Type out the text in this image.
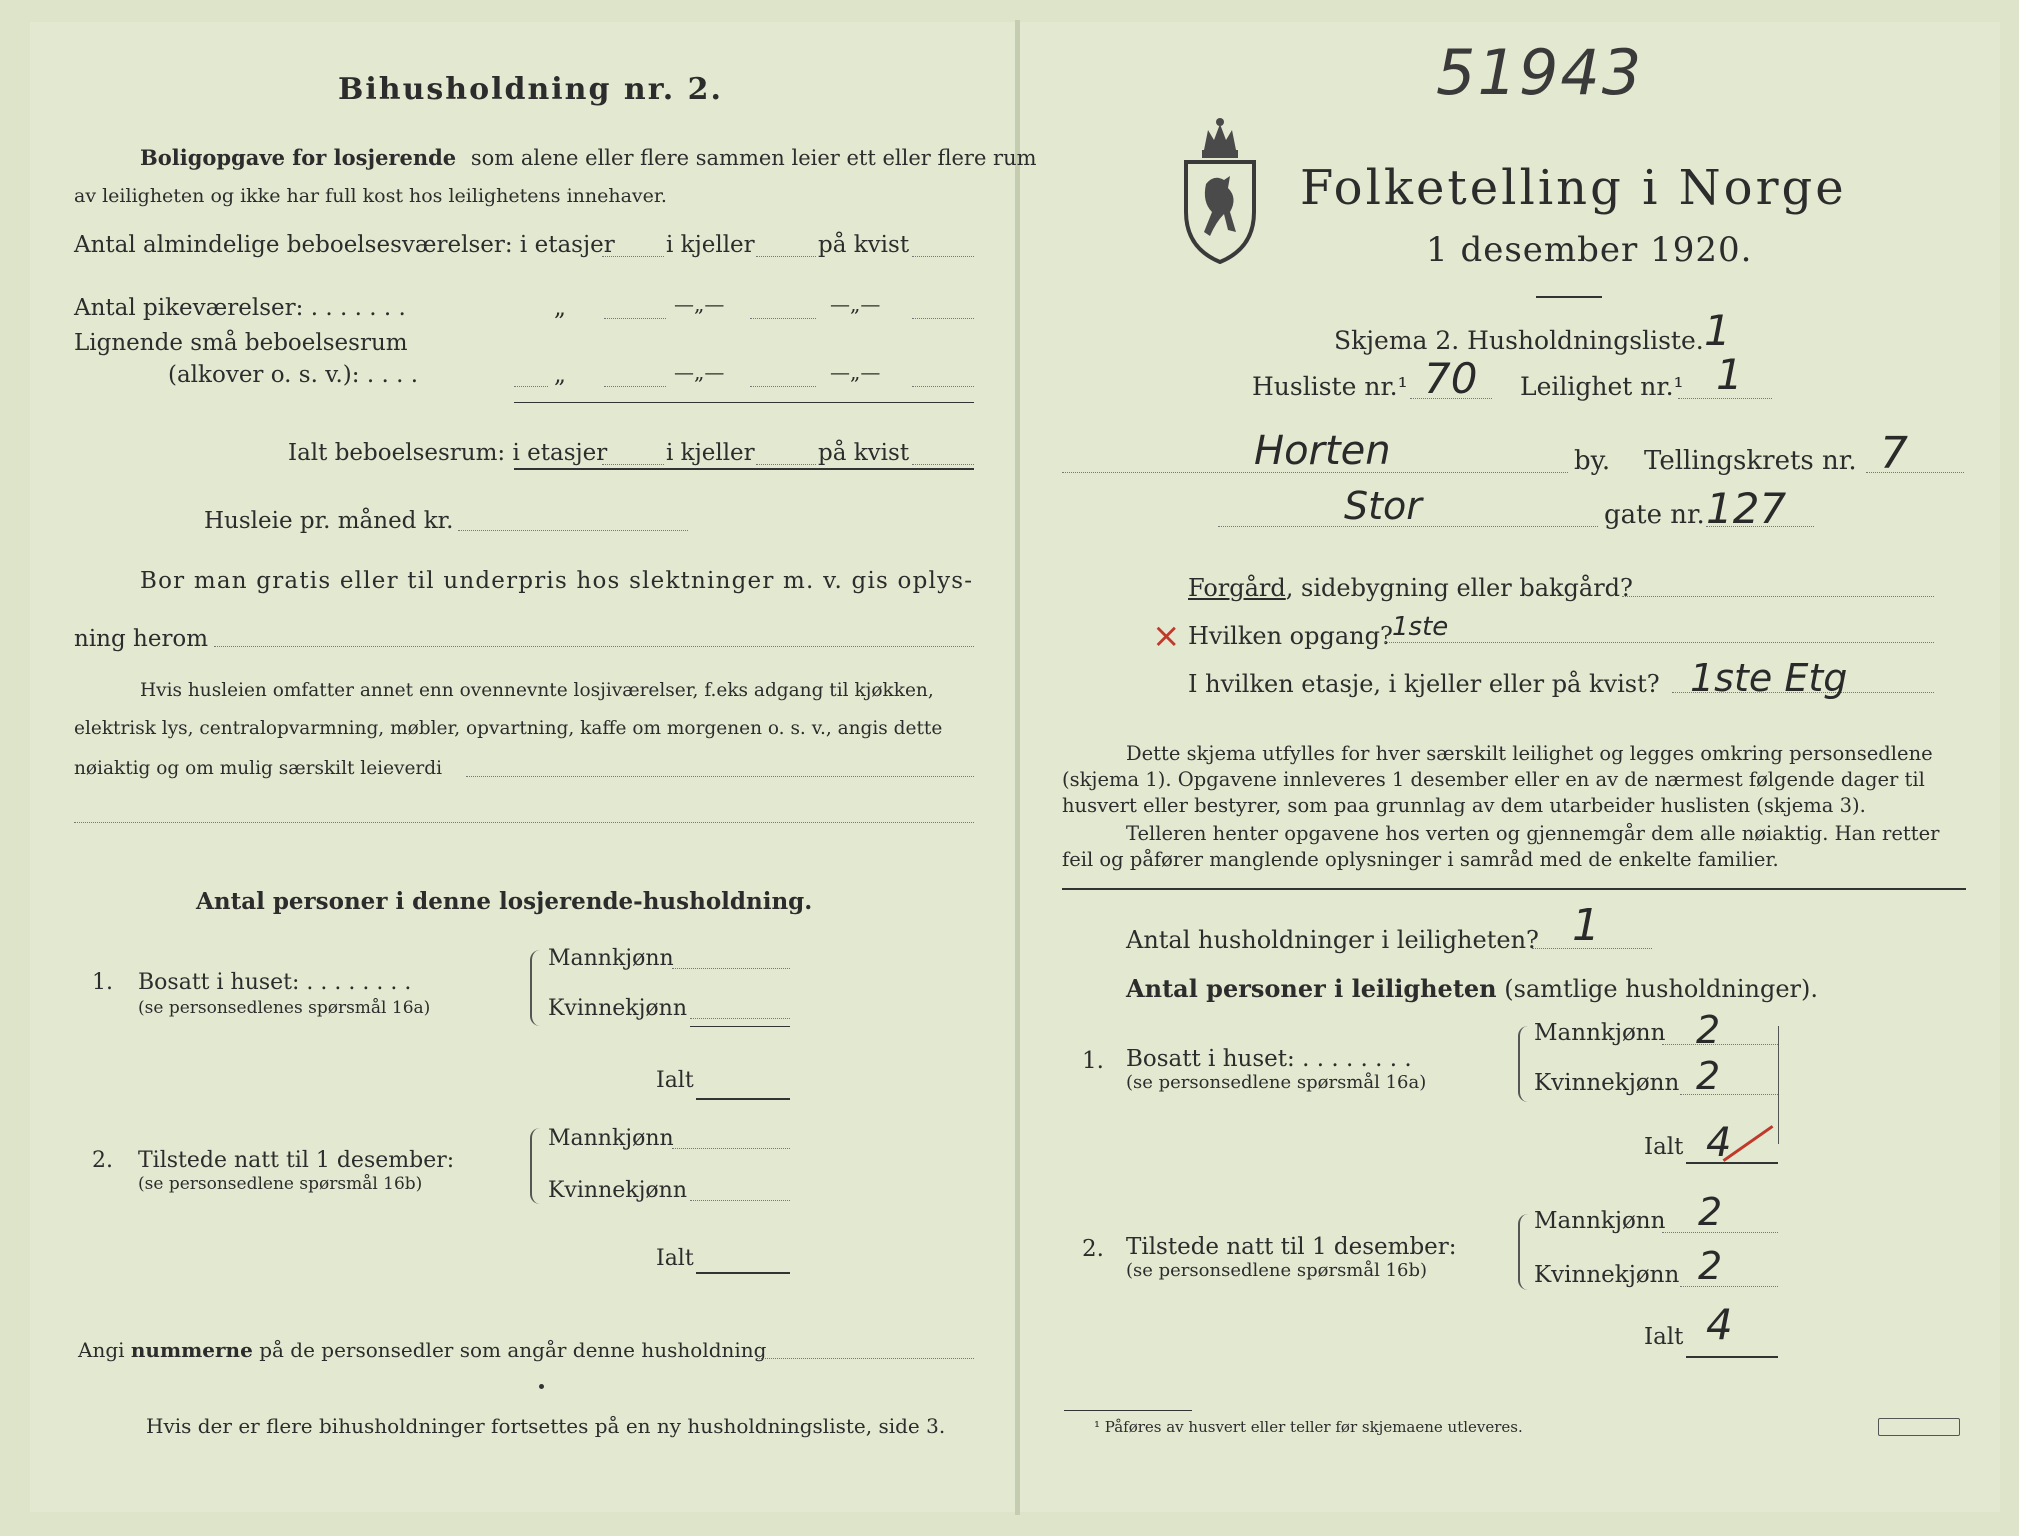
Bihusholdning nr. 2.
Boligopgave for losjerende som alene eller flere sammen leier ett eller flere rum
av leiligheten og ikke har full kost hos leilighetens innehaver.
Antal almindelige beboelsesværelser: i etasjer i kjeller	på kvist
Antal pikeværelser: . . . . . . .	„	—„—	—„—
Lignende små beboelsesrum
(alkover o. s. v.): . . . .	„	—„—	—„—
Ialt beboelsesrum: i etasjer	i kjeller	på kvist
Husleie pr. måned kr.
Bor man gratis eller til underpris hos slektninger m. v. gis oplys-
ning herom
Hvis husleien omfatter annet enn ovennevnte losjiværelser, f.eks adgang til kjøkken,
elektrisk lys, centralopvarmning, møbler, opvartning, kaffe om morgenen o. s. v., angis dette
nøiaktig og om mulig særskilt leieverdi
Antal personer i denne losjerende-husholdning.
1. Bosatt i huset: . . . . . . . .
(se personsedlenes spørsmål 16a)
Mannkjønn
Kvinnekjønn
Ialt
2. Tilstede natt til 1 desember:
(se personsedlene spørsmål 16b)
Mannkjønn
Kvinnekjønn
Ialt
Angi nummerne på de personsedler som angår denne husholdning
Hvis der er flere bihusholdninger fortsettes på en ny husholdningsliste, side 3.
51943
Folketelling i Norge
1 desember 1920.
Skjema 2. Husholdningsliste. 1
Husliste nr.¹ 70 Leilighet nr.¹ 1
Horten	by. Tellingskrets nr. 7
Stor	gate nr. 127
Forgård, sidebygning eller bakgård?
× Hvilken opgang? 1ste
I hvilken etasje, i kjeller eller på kvist? 1ste Etg
Dette skjema utfylles for hver særskilt leilighet og legges omkring personsedlene
(skjema 1). Opgavene innleveres 1 desember eller en av de nærmest følgende dager til
husvert eller bestyrer, som paa grunnlag av dem utarbeider huslisten (skjema 3).
Telleren henter opgavene hos verten og gjennemgår dem alle nøiaktig. Han retter
feil og påfører manglende oplysninger i samråd med de enkelte familier.
Antal husholdninger i leiligheten? 1
Antal personer i leiligheten (samtlige husholdninger).
1. Bosatt i huset: . . . . . . . .
(se personsedlene spørsmål 16a)
Mannkjønn 2
Kvinnekjønn 2
Ialt 4
2. Tilstede natt til 1 desember:
(se personsedlene spørsmål 16b)
Mannkjønn 2
Kvinnekjønn 2
Ialt 4
¹ Påføres av husvert eller teller før skjemaene utleveres.
